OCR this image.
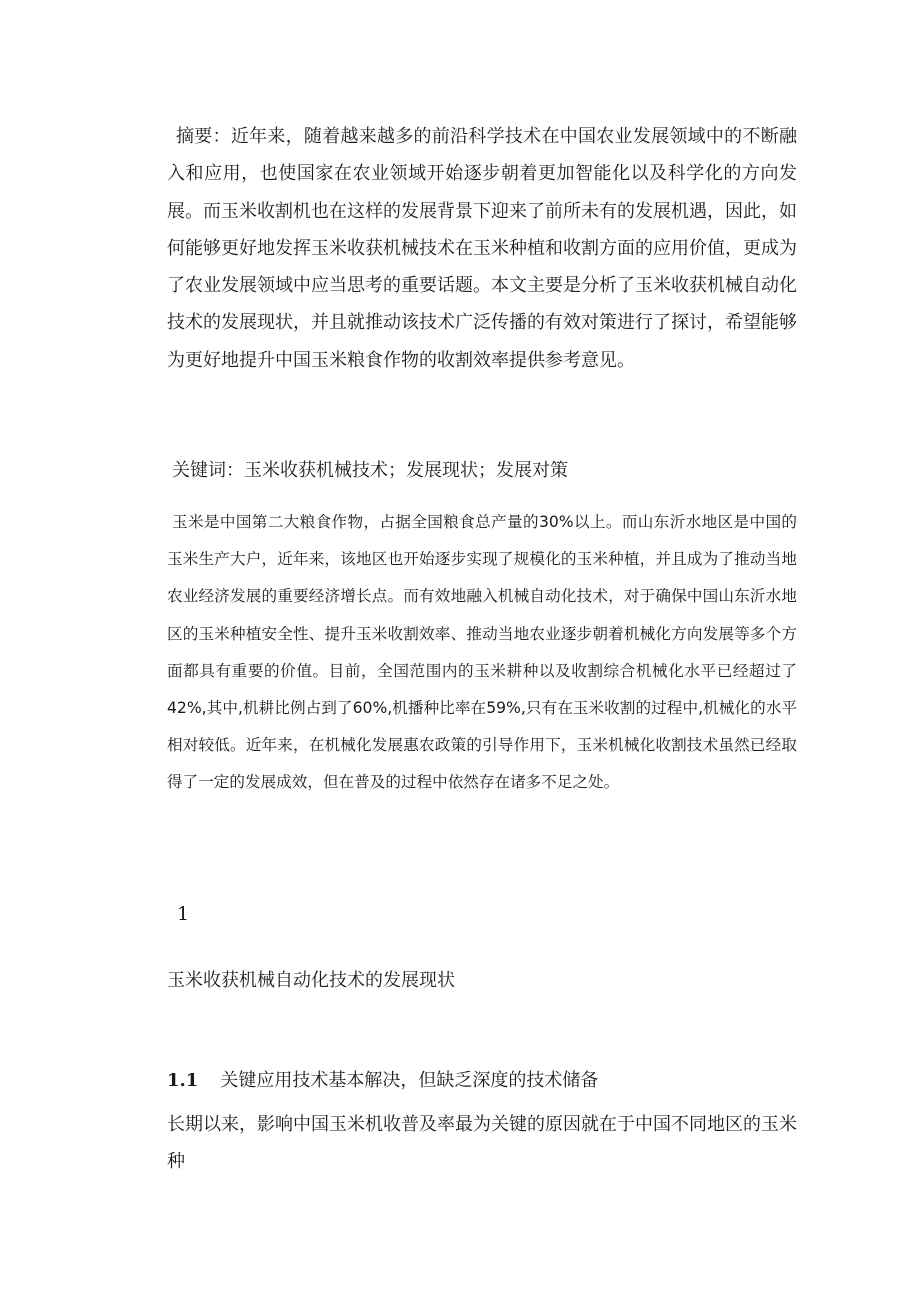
摘要：近年来，随着越来越多的前沿科学技术在中国农业发展领域中的不断融入和应用，也使国家在农业领域开始逐步朝着更加智能化以及科学化的方向发展。而玉米收割机也在这样的发展背景下迎来了前所未有的发展机遇，因此，如何能够更好地发挥玉米收获机械技术在玉米种植和收割方面的应用价值，更成为了农业发展领域中应当思考的重要话题。本文主要是分析了玉米收获机械自动化技术的发展现状，并且就推动该技术广泛传播的有效对策进行了探讨，希望能够为更好地提升中国玉米粮食作物的收割效率提供参考意见。

关键词：玉米收获机械技术；发展现状；发展对策

玉米是中国第二大粮食作物，占据全国粮食总产量的30%以上。而山东沂水地区是中国的玉米生产大户，近年来，该地区也开始逐步实现了规模化的玉米种植，并且成为了推动当地农业经济发展的重要经济增长点。而有效地融入机械自动化技术，对于确保中国山东沂水地区的玉米种植安全性、提升玉米收割效率、推动当地农业逐步朝着机械化方向发展等多个方面都具有重要的价值。目前，全国范围内的玉米耕种以及收割综合机械化水平已经超过了42%,其中,机耕比例占到了60%,机播种比率在59%,只有在玉米收割的过程中,机械化的水平相对较低。近年来，在机械化发展惠农政策的引导作用下，玉米机械化收割技术虽然已经取得了一定的发展成效，但在普及的过程中依然存在诸多不足之处。

1

玉米收获机械自动化技术的发展现状

1.1 关键应用技术基本解决，但缺乏深度的技术储备

长期以来，影响中国玉米机收普及率最为关键的原因就在于中国不同地区的玉米种
